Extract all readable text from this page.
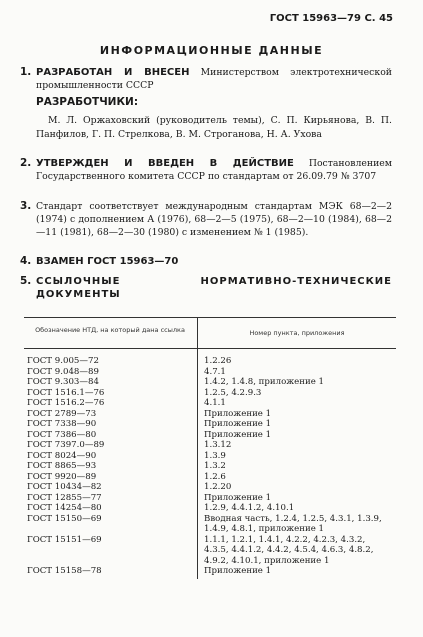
ГОСТ 15963—79 С. 45
ИНФОРМАЦИОННЫЕ ДАННЫЕ
1. РАЗРАБОТАН И ВНЕСЕН Министерством электротехнической промышленности СССР
РАЗРАБОТЧИКИ:
М. Л. Оржаховский (руководитель темы), С. П. Кирьянова, В. П. Панфилов, Г. П. Стрелкова, В. М. Строганова, Н. А. Ухова
2. УТВЕРЖДЕН И ВВЕДЕН В ДЕЙСТВИЕ Постановлением Государственного комитета СССР по стандартам от 26.09.79 № 3707
3. Стандарт соответствует международным стандартам МЭК 68—2—2 (1974) с дополнением А (1976), 68—2—5 (1975), 68—2—10 (1984), 68—2—11 (1981), 68—2—30 (1980) с изменением № 1 (1985).
4. ВЗАМЕН ГОСТ 15963—70
5. ССЫЛОЧНЫЕ НОРМАТИВНО-ТЕХНИЧЕСКИЕ ДОКУМЕНТЫ
Обозначение НТД, на который дана ссылка	Номер пункта, приложения
ГОСТ 9.005—72	1.2.26
ГОСТ 9.048—89	4.7.1
ГОСТ 9.303—84	1.4.2, 1.4.8, приложение 1
ГОСТ 1516.1—76	1.2.5, 4.2.9.3
ГОСТ 1516.2—76	4.1.1
ГОСТ 2789—73	Приложение 1
ГОСТ 7338—90	Приложение 1
ГОСТ 7386—80	Приложение 1
ГОСТ 7397.0—89	1.3.12
ГОСТ 8024—90	1.3.9
ГОСТ 8865—93	1.3.2
ГОСТ 9920—89	1.2.6
ГОСТ 10434—82	1.2.20
ГОСТ 12855—77	Приложение 1
ГОСТ 14254—80	1.2.9, 4.4.1.2, 4.10.1
ГОСТ 15150—69	Вводная часть, 1.2.4, 1.2.5, 4.3.1, 1.3.9, 1.4.9, 4.8.1, приложение 1
ГОСТ 15151—69	1.1.1, 1.2.1, 1.4.1, 4.2.2, 4.2.3, 4.3.2, 4.3.5, 4.4.1.2, 4.4.2, 4.5.4, 4.6.3, 4.8.2, 4.9.2, 4.10.1, приложение 1
ГОСТ 15158—78	Приложение 1
